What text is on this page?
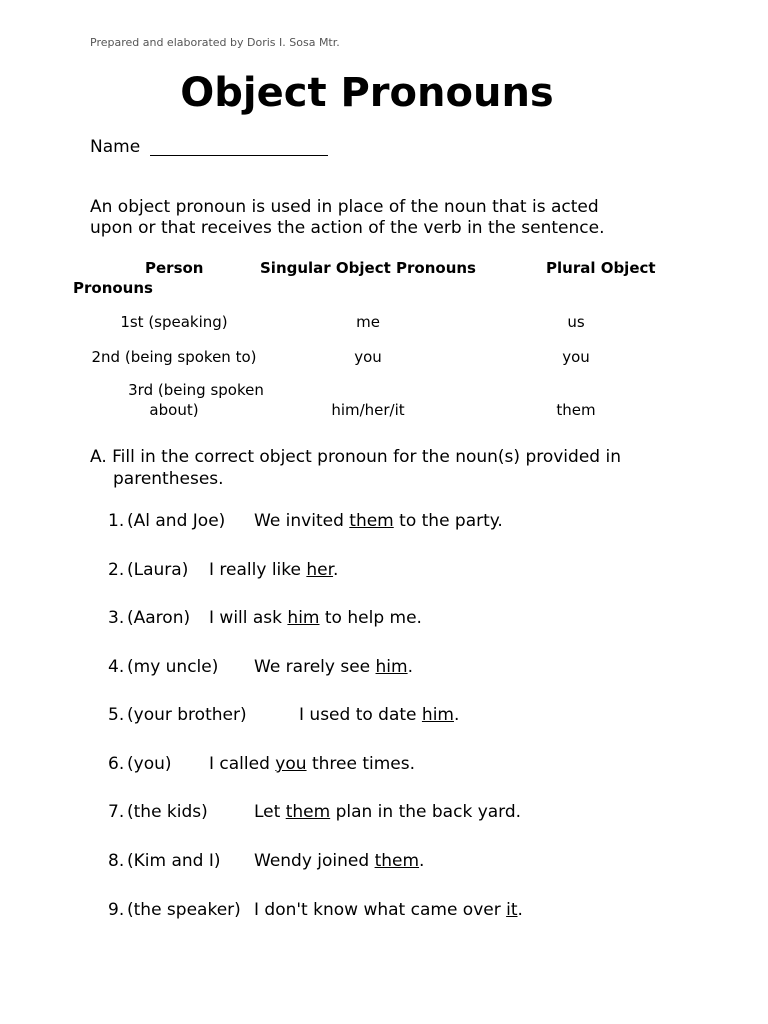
Prepared and elaborated by Doris I. Sosa Mtr.
Object Pronouns
Name
An object pronoun is used in place of the noun that is acted
upon or that receives the action of the verb in the sentence.
Person	Singular Object Pronouns	Plural Object
Pronouns
1st (speaking)	me	us
2nd (being spoken to)	you	you
3rd (being spoken
about)	him/her/it	them
A. Fill in the correct object pronoun for the noun(s) provided in
parentheses.
1. (Al and Joe) We invited them to the party.
2. (Laura) I really like her.
3. (Aaron) I will ask him to help me.
4. (my uncle) We rarely see him.
5. (your brother)	I used to date him.
6. (you) I called you three times.
7. (the kids)	Let them plan in the back yard.
8. (Kim and I) Wendy joined them.
9. (the speaker) I don't know what came over it.
